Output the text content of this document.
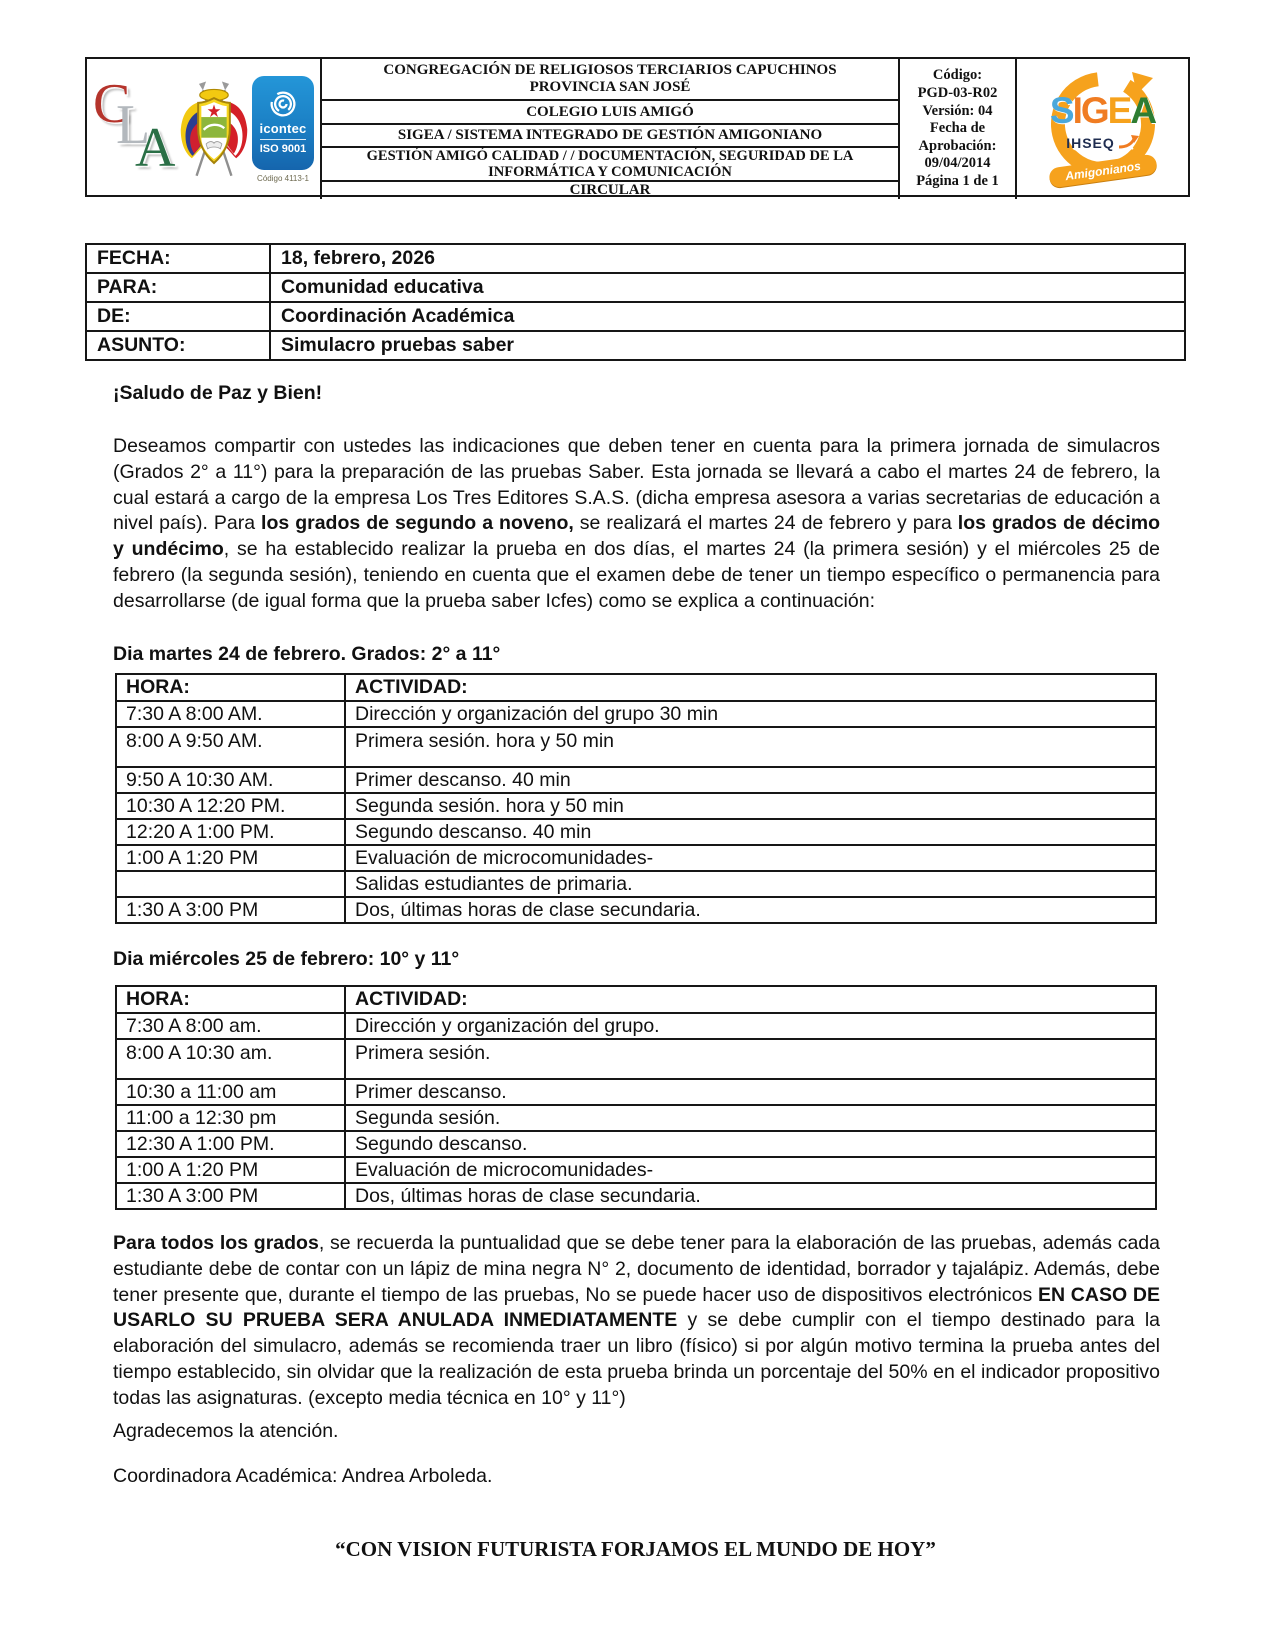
C
L
A	icontec
ISO 9001
Código 4113-1
CONGREGACIÓN DE RELIGIOSOS TERCIARIOS CAPUCHINOS
PROVINCIA SAN JOSÉ
COLEGIO LUIS AMIGÓ
SIGEA / SISTEMA INTEGRADO DE GESTIÓN AMIGONIANO
GESTIÓN AMIGÓ CALIDAD / / DOCUMENTACIÓN, SEGURIDAD DE LA
INFORMÁTICA Y COMUNICACIÓN
CIRCULAR
Código:
PGD-03-R02
Versión: 04
Fecha de
Aprobación:
09/04/2014
Página 1 de 1
SIGEA
IHSEQ
Amigonianos
FECHA:	18, febrero, 2026
PARA:	Comunidad educativa
DE:	Coordinación Académica
ASUNTO:	Simulacro pruebas saber

¡Saludo de Paz y Bien!

Deseamos compartir con ustedes las indicaciones que deben tener en cuenta para la primera jornada de simulacros (Grados 2° a 11°) para la preparación de las pruebas Saber. Esta jornada se llevará a cabo el martes 24 de febrero, la cual estará a cargo de la empresa Los Tres Editores S.A.S. (dicha empresa asesora a varias secretarias de educación a nivel país). Para los grados de segundo a noveno, se realizará el martes 24 de febrero y para los grados de décimo y undécimo, se ha establecido realizar la prueba en dos días, el martes 24 (la primera sesión) y el miércoles 25 de febrero (la segunda sesión), teniendo en cuenta que el examen debe de tener un tiempo específico o permanencia para desarrollarse (de igual forma que la prueba saber Icfes) como se explica a continuación:

Dia martes 24 de febrero. Grados: 2° a 11°

HORA:	ACTIVIDAD:
7:30 A 8:00 AM.	Dirección y organización del grupo 30 min
8:00 A 9:50 AM.	Primera sesión. hora y 50 min
9:50 A 10:30 AM.	Primer descanso. 40 min
10:30 A 12:20 PM.	Segunda sesión. hora y 50 min
12:20 A 1:00 PM.	Segundo descanso. 40 min
1:00 A 1:20 PM	Evaluación de microcomunidades-
	Salidas estudiantes de primaria.
1:30 A 3:00 PM	Dos, últimas horas de clase secundaria.

Dia miércoles 25 de febrero: 10° y 11°

HORA:	ACTIVIDAD:
7:30 A 8:00 am.	Dirección y organización del grupo.
8:00 A 10:30 am.	Primera sesión.
10:30 a 11:00 am	Primer descanso.
11:00 a 12:30 pm	Segunda sesión.
12:30 A 1:00 PM.	Segundo descanso.
1:00 A 1:20 PM	Evaluación de microcomunidades-
1:30 A 3:00 PM	Dos, últimas horas de clase secundaria.

Para todos los grados, se recuerda la puntualidad que se debe tener para la elaboración de las pruebas, además cada estudiante debe de contar con un lápiz de mina negra N° 2, documento de identidad, borrador y tajalápiz. Además, debe tener presente que, durante el tiempo de las pruebas, No se puede hacer uso de dispositivos electrónicos EN CASO DE USARLO SU PRUEBA SERA ANULADA INMEDIATAMENTE y se debe cumplir con el tiempo destinado para la elaboración del simulacro, además se recomienda traer un libro (físico) si por algún motivo termina la prueba antes del tiempo establecido, sin olvidar que la realización de esta prueba brinda un porcentaje del 50% en el indicador propositivo todas las asignaturas. (excepto media técnica en 10° y 11°)

Agradecemos la atención.

Coordinadora Académica: Andrea Arboleda.

“CON VISION FUTURISTA FORJAMOS EL MUNDO DE HOY”
